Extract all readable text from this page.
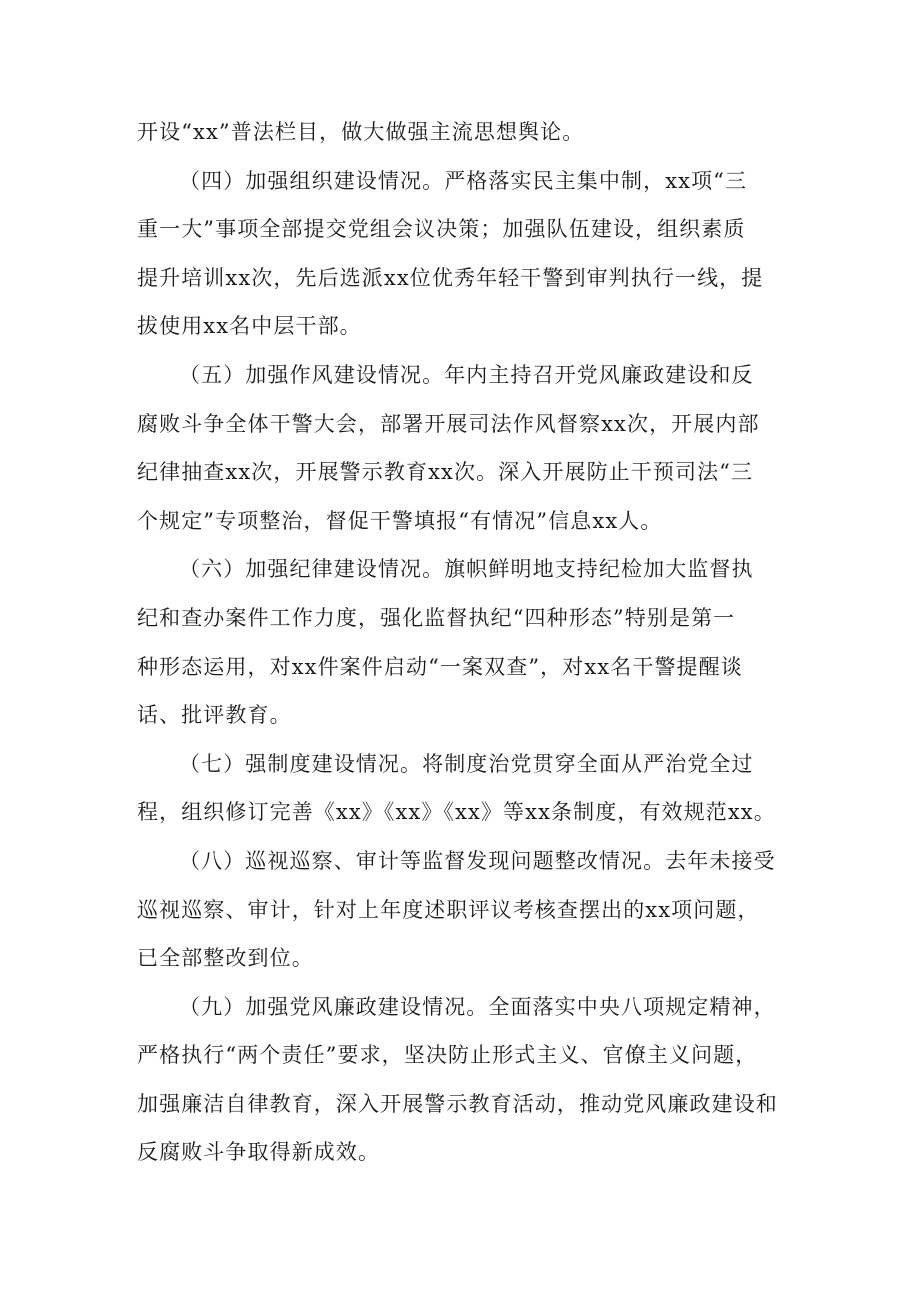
开设“xx”普法栏目，做大做强主流思想舆论。

（四）加强组织建设情况。严格落实民主集中制，xx项“三
重一大”事项全部提交党组会议决策；加强队伍建设，组织素质
提升培训xx次，先后选派xx位优秀年轻干警到审判执行一线，提
拔使用xx名中层干部。

（五）加强作风建设情况。年内主持召开党风廉政建设和反
腐败斗争全体干警大会，部署开展司法作风督察xx次，开展内部
纪律抽查xx次，开展警示教育xx次。深入开展防止干预司法“三
个规定”专项整治，督促干警填报“有情况”信息xx人。

（六）加强纪律建设情况。旗帜鲜明地支持纪检加大监督执
纪和查办案件工作力度，强化监督执纪“四种形态”特别是第一
种形态运用，对xx件案件启动“一案双查”，对xx名干警提醒谈
话、批评教育。

（七）强制度建设情况。将制度治党贯穿全面从严治党全过
程，组织修订完善《xx》《xx》《xx》等xx条制度，有效规范xx。

（八）巡视巡察、审计等监督发现问题整改情况。去年未接受
巡视巡察、审计，针对上年度述职评议考核查摆出的xx项问题，
已全部整改到位。

（九）加强党风廉政建设情况。全面落实中央八项规定精神，
严格执行“两个责任”要求，坚决防止形式主义、官僚主义问题，
加强廉洁自律教育，深入开展警示教育活动，推动党风廉政建设和
反腐败斗争取得新成效。
